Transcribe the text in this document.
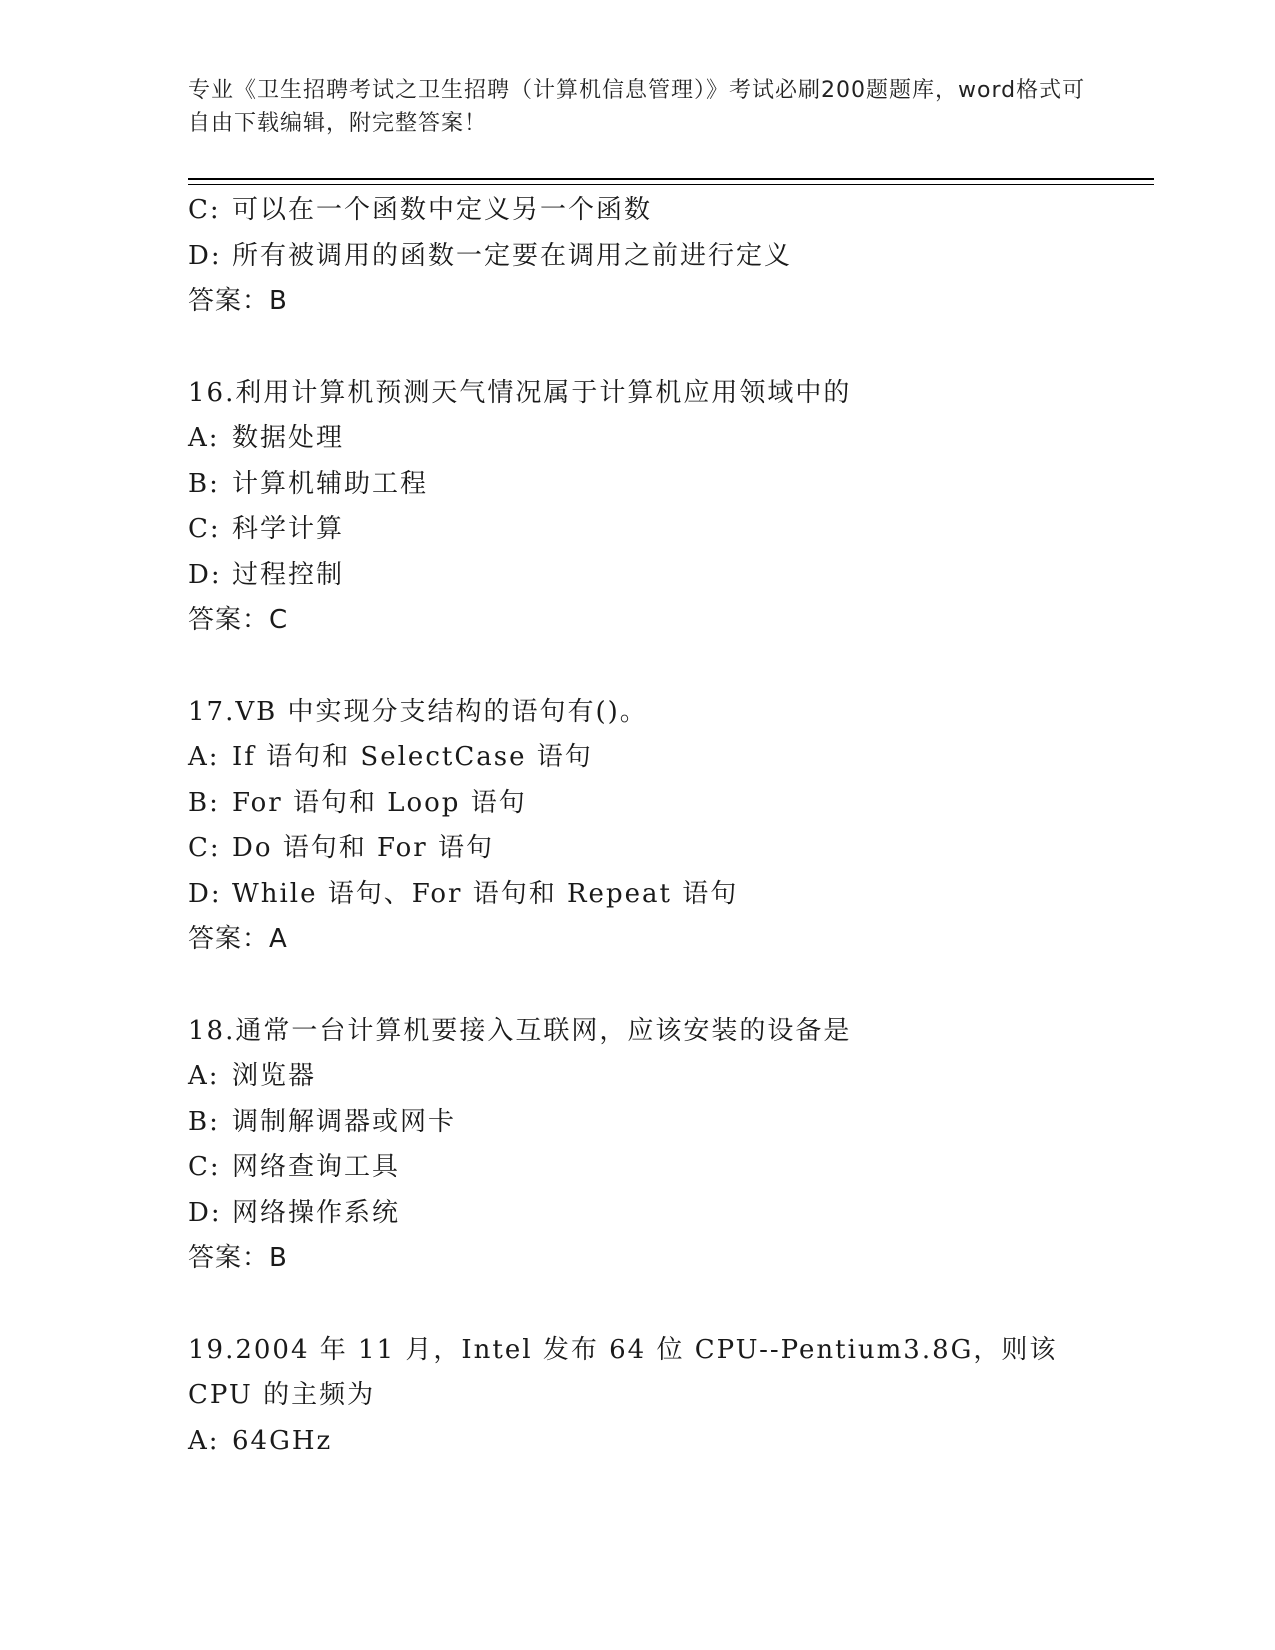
专业《卫生招聘考试之卫生招聘（计算机信息管理）》考试必刷200题题库，word格式可自由下载编辑，附完整答案！
C: 可以在一个函数中定义另一个函数
D: 所有被调用的函数一定要在调用之前进行定义
答案：B
16.利用计算机预测天气情况属于计算机应用领域中的
A: 数据处理
B: 计算机辅助工程
C: 科学计算
D: 过程控制
答案：C
17.VB 中实现分支结构的语句有()。
A: If 语句和 SelectCase 语句
B: For 语句和 Loop 语句
C: Do 语句和 For 语句
D: While 语句、For 语句和 Repeat 语句
答案：A
18.通常一台计算机要接入互联网，应该安装的设备是
A: 浏览器
B: 调制解调器或网卡
C: 网络查询工具
D: 网络操作系统
答案：B
19.2004 年 11 月，Intel 发布 64 位 CPU--Pentium3.8G，则该 CPU 的主频为
A: 64GHz
